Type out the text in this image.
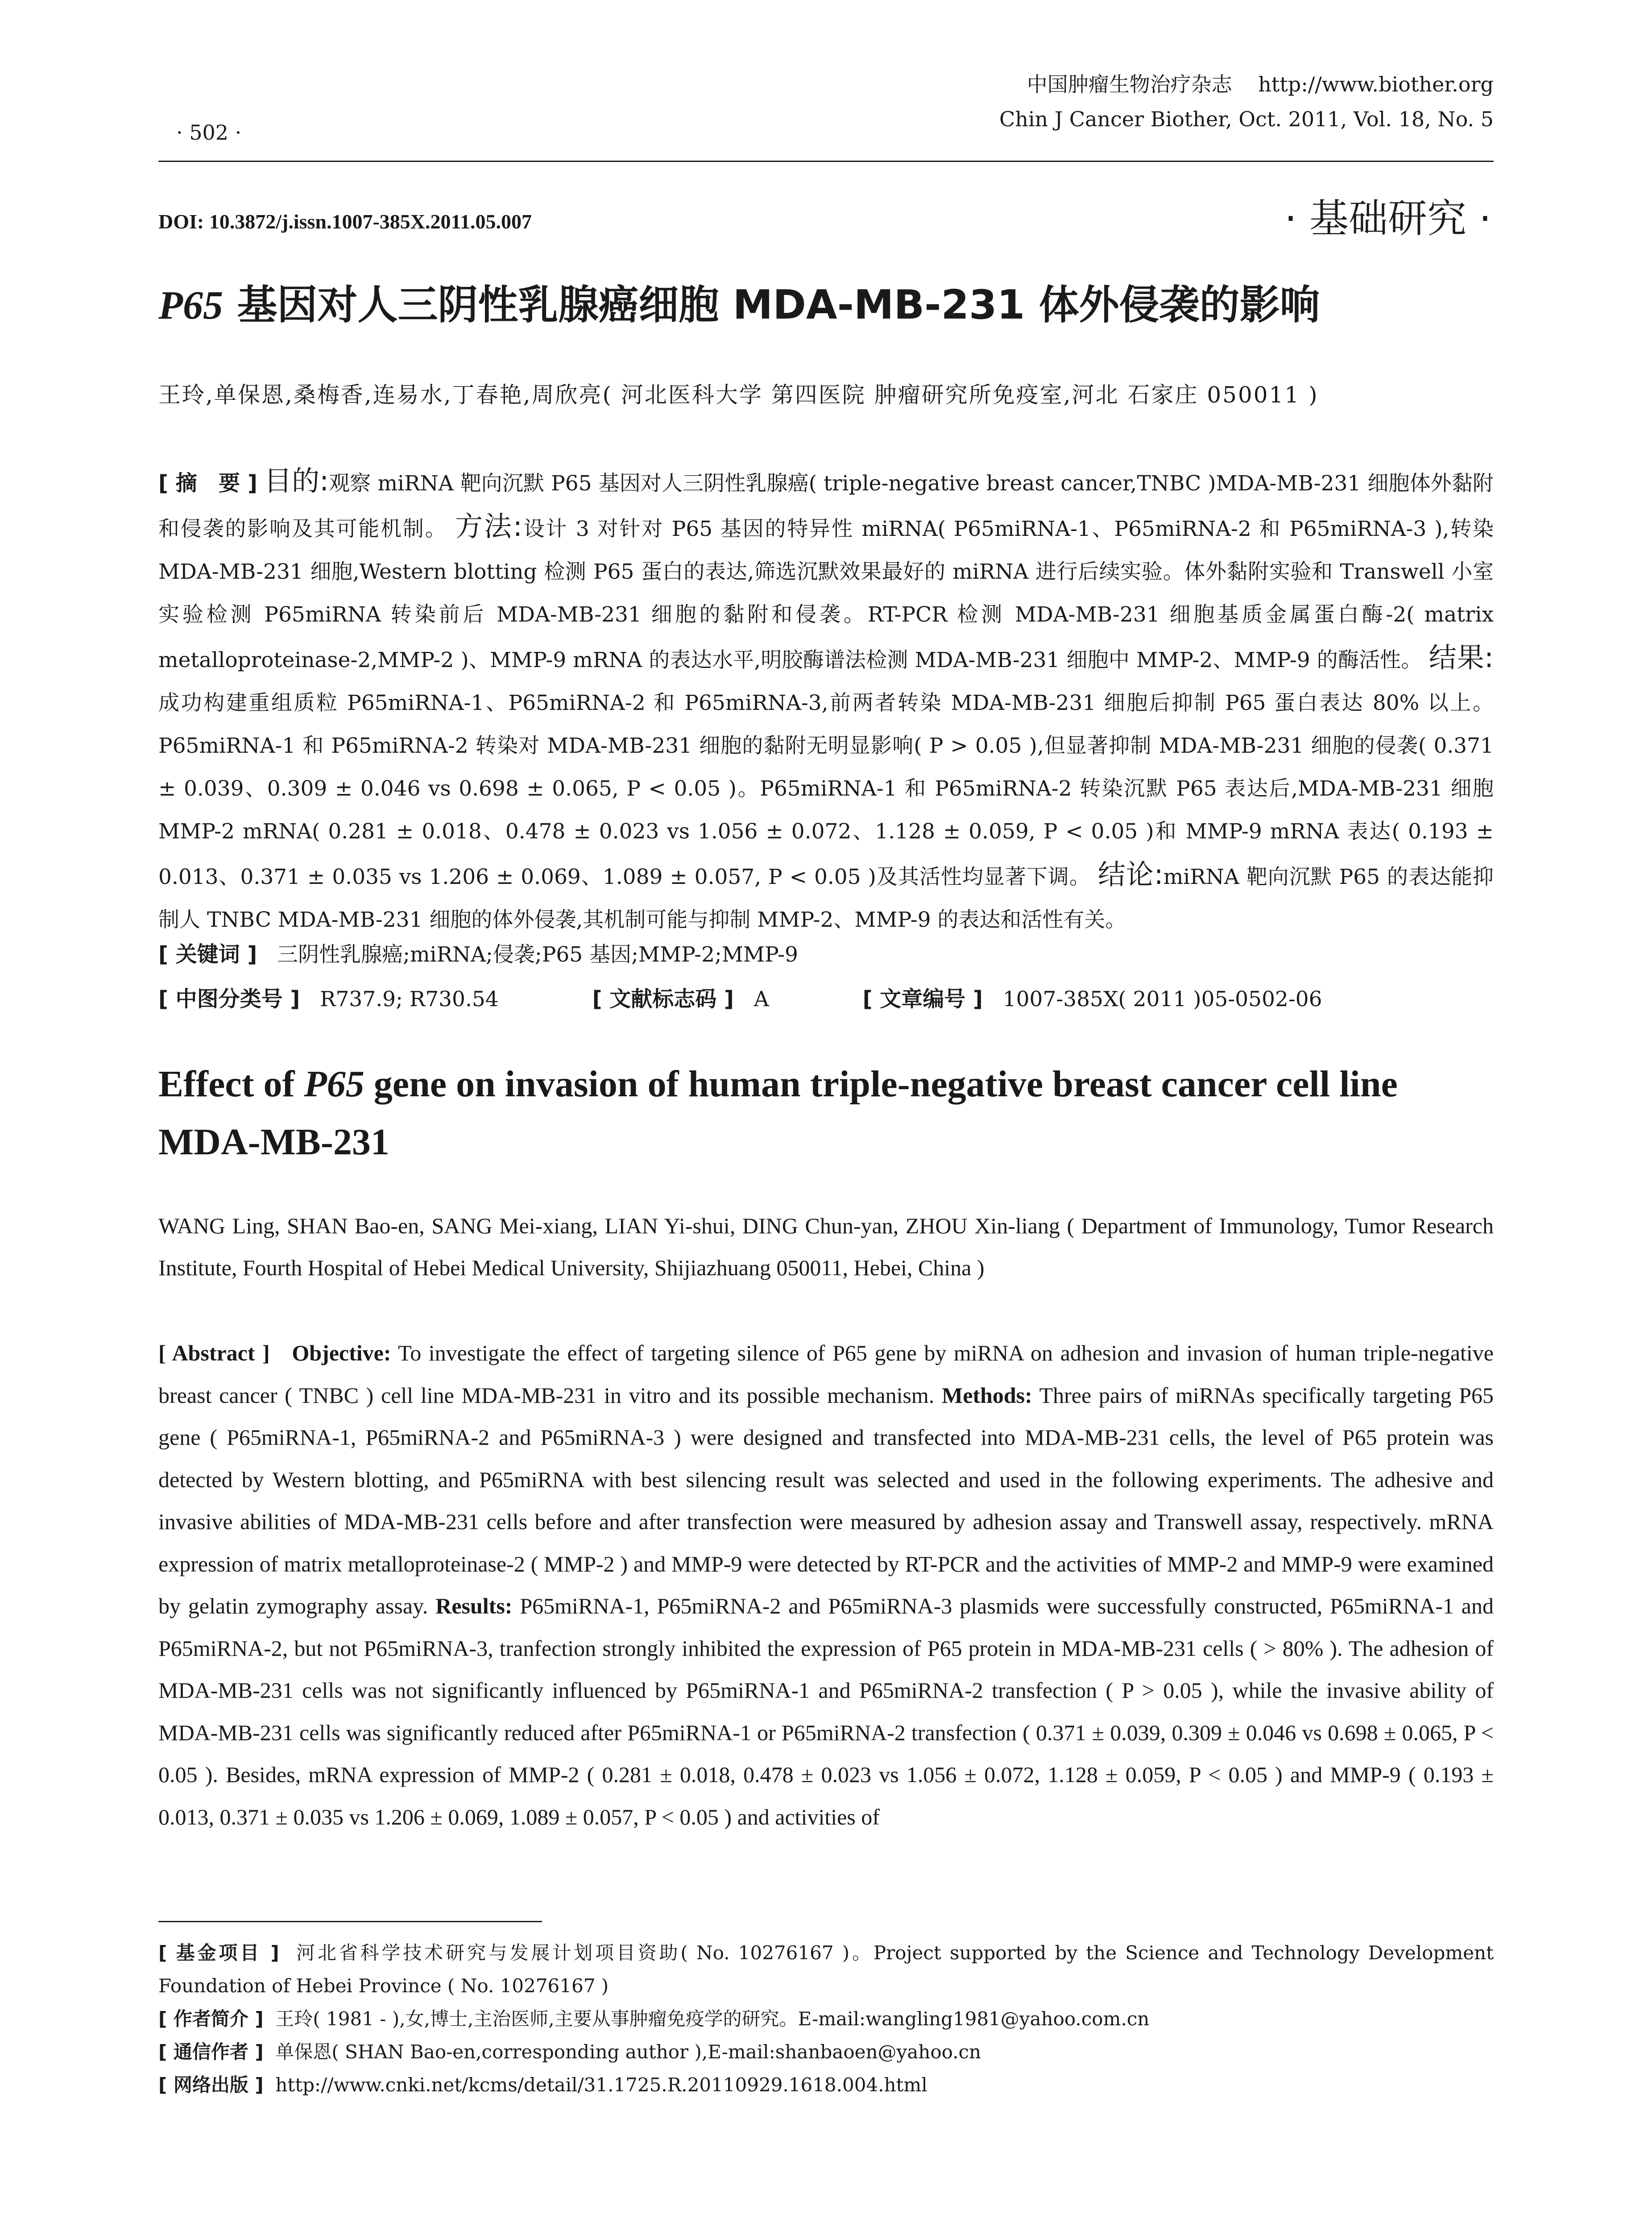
中国肿瘤生物治疗杂志 http://www.biother.org
Chin J Cancer Biother, Oct. 2011, Vol. 18, No. 5
· 502 ·
DOI: 10.3872/j.issn.1007-385X.2011.05.007	· 基础研究 ·
P65 基因对人三阴性乳腺癌细胞 MDA-MB-231 体外侵袭的影响
王玲,单保恩,桑梅香,连易水,丁春艳,周欣亮( 河北医科大学 第四医院 肿瘤研究所免疫室,河北 石家庄 050011 )
[ 摘　要 ] 目的:观察 miRNA 靶向沉默 P65 基因对人三阴性乳腺癌( triple-negative breast cancer,TNBC )MDA-MB-231 细胞体外黏附和侵袭的影响及其可能机制。 方法:设计 3 对针对 P65 基因的特异性 miRNA( P65miRNA-1、P65miRNA-2 和 P65miRNA-3 ),转染 MDA-MB-231 细胞,Western blotting 检测 P65 蛋白的表达,筛选沉默效果最好的 miRNA 进行后续实验。体外黏附实验和 Transwell 小室实验检测 P65miRNA 转染前后 MDA-MB-231 细胞的黏附和侵袭。RT-PCR 检测 MDA-MB-231 细胞基质金属蛋白酶-2( matrix metalloproteinase-2,MMP-2 )、MMP-9 mRNA 的表达水平,明胶酶谱法检测 MDA-MB-231 细胞中 MMP-2、MMP-9 的酶活性。 结果:成功构建重组质粒 P65miRNA-1、P65miRNA-2 和 P65miRNA-3,前两者转染 MDA-MB-231 细胞后抑制 P65 蛋白表达 80% 以上。P65miRNA-1 和 P65miRNA-2 转染对 MDA-MB-231 细胞的黏附无明显影响( P > 0.05 ),但显著抑制 MDA-MB-231 细胞的侵袭( 0.371 ± 0.039、0.309 ± 0.046 vs 0.698 ± 0.065, P < 0.05 )。P65miRNA-1 和 P65miRNA-2 转染沉默 P65 表达后,MDA-MB-231 细胞 MMP-2 mRNA( 0.281 ± 0.018、0.478 ± 0.023 vs 1.056 ± 0.072、1.128 ± 0.059, P < 0.05 )和 MMP-9 mRNA 表达( 0.193 ± 0.013、0.371 ± 0.035 vs 1.206 ± 0.069、1.089 ± 0.057, P < 0.05 )及其活性均显著下调。 结论:miRNA 靶向沉默 P65 的表达能抑制人 TNBC MDA-MB-231 细胞的体外侵袭,其机制可能与抑制 MMP-2、MMP-9 的表达和活性有关。
[ 关键词 ] 三阴性乳腺癌;miRNA;侵袭;P65 基因;MMP-2;MMP-9
[ 中图分类号 ] R737.9; R730.54	[ 文献标志码 ] A	[ 文章编号 ] 1007-385X( 2011 )05-0502-06
Effect of P65 gene on invasion of human triple-negative breast cancer cell line MDA-MB-231
WANG Ling, SHAN Bao-en, SANG Mei-xiang, LIAN Yi-shui, DING Chun-yan, ZHOU Xin-liang ( Department of Immunology, Tumor Research Institute, Fourth Hospital of Hebei Medical University, Shijiazhuang 050011, Hebei, China )
[ Abstract ] Objective: To investigate the effect of targeting silence of P65 gene by miRNA on adhesion and invasion of human triple-negative breast cancer ( TNBC ) cell line MDA-MB-231 in vitro and its possible mechanism. Methods: Three pairs of miRNAs specifically targeting P65 gene ( P65miRNA-1, P65miRNA-2 and P65miRNA-3 ) were designed and transfected into MDA-MB-231 cells, the level of P65 protein was detected by Western blotting, and P65miRNA with best silencing result was selected and used in the following experiments. The adhesive and invasive abilities of MDA-MB-231 cells before and after transfection were measured by adhesion assay and Transwell assay, respectively. mRNA expression of matrix metalloproteinase-2 ( MMP-2 ) and MMP-9 were detected by RT-PCR and the activities of MMP-2 and MMP-9 were examined by gelatin zymography assay. Results: P65miRNA-1, P65miRNA-2 and P65miRNA-3 plasmids were successfully constructed, P65miRNA-1 and P65miRNA-2, but not P65miRNA-3, tranfection strongly inhibited the expression of P65 protein in MDA-MB-231 cells ( > 80% ). The adhesion of MDA-MB-231 cells was not significantly influenced by P65miRNA-1 and P65miRNA-2 transfection ( P > 0.05 ), while the invasive ability of MDA-MB-231 cells was significantly reduced after P65miRNA-1 or P65miRNA-2 transfection ( 0.371 ± 0.039, 0.309 ± 0.046 vs 0.698 ± 0.065, P < 0.05 ). Besides, mRNA expression of MMP-2 ( 0.281 ± 0.018, 0.478 ± 0.023 vs 1.056 ± 0.072, 1.128 ± 0.059, P < 0.05 ) and MMP-9 ( 0.193 ± 0.013, 0.371 ± 0.035 vs 1.206 ± 0.069, 1.089 ± 0.057, P < 0.05 ) and activities of

[ 基金项目 ] 河北省科学技术研究与发展计划项目资助( No. 10276167 )。Project supported by the Science and Technology Development Foundation of Hebei Province ( No. 10276167 )

[ 作者简介 ] 王玲( 1981 - ),女,博士,主治医师,主要从事肿瘤免疫学的研究。E-mail:wangling1981@yahoo.com.cn

[ 通信作者 ] 单保恩( SHAN Bao-en,corresponding author ),E-mail:shanbaoen@yahoo.cn

[ 网络出版 ] http://www.cnki.net/kcms/detail/31.1725.R.20110929.1618.004.html
